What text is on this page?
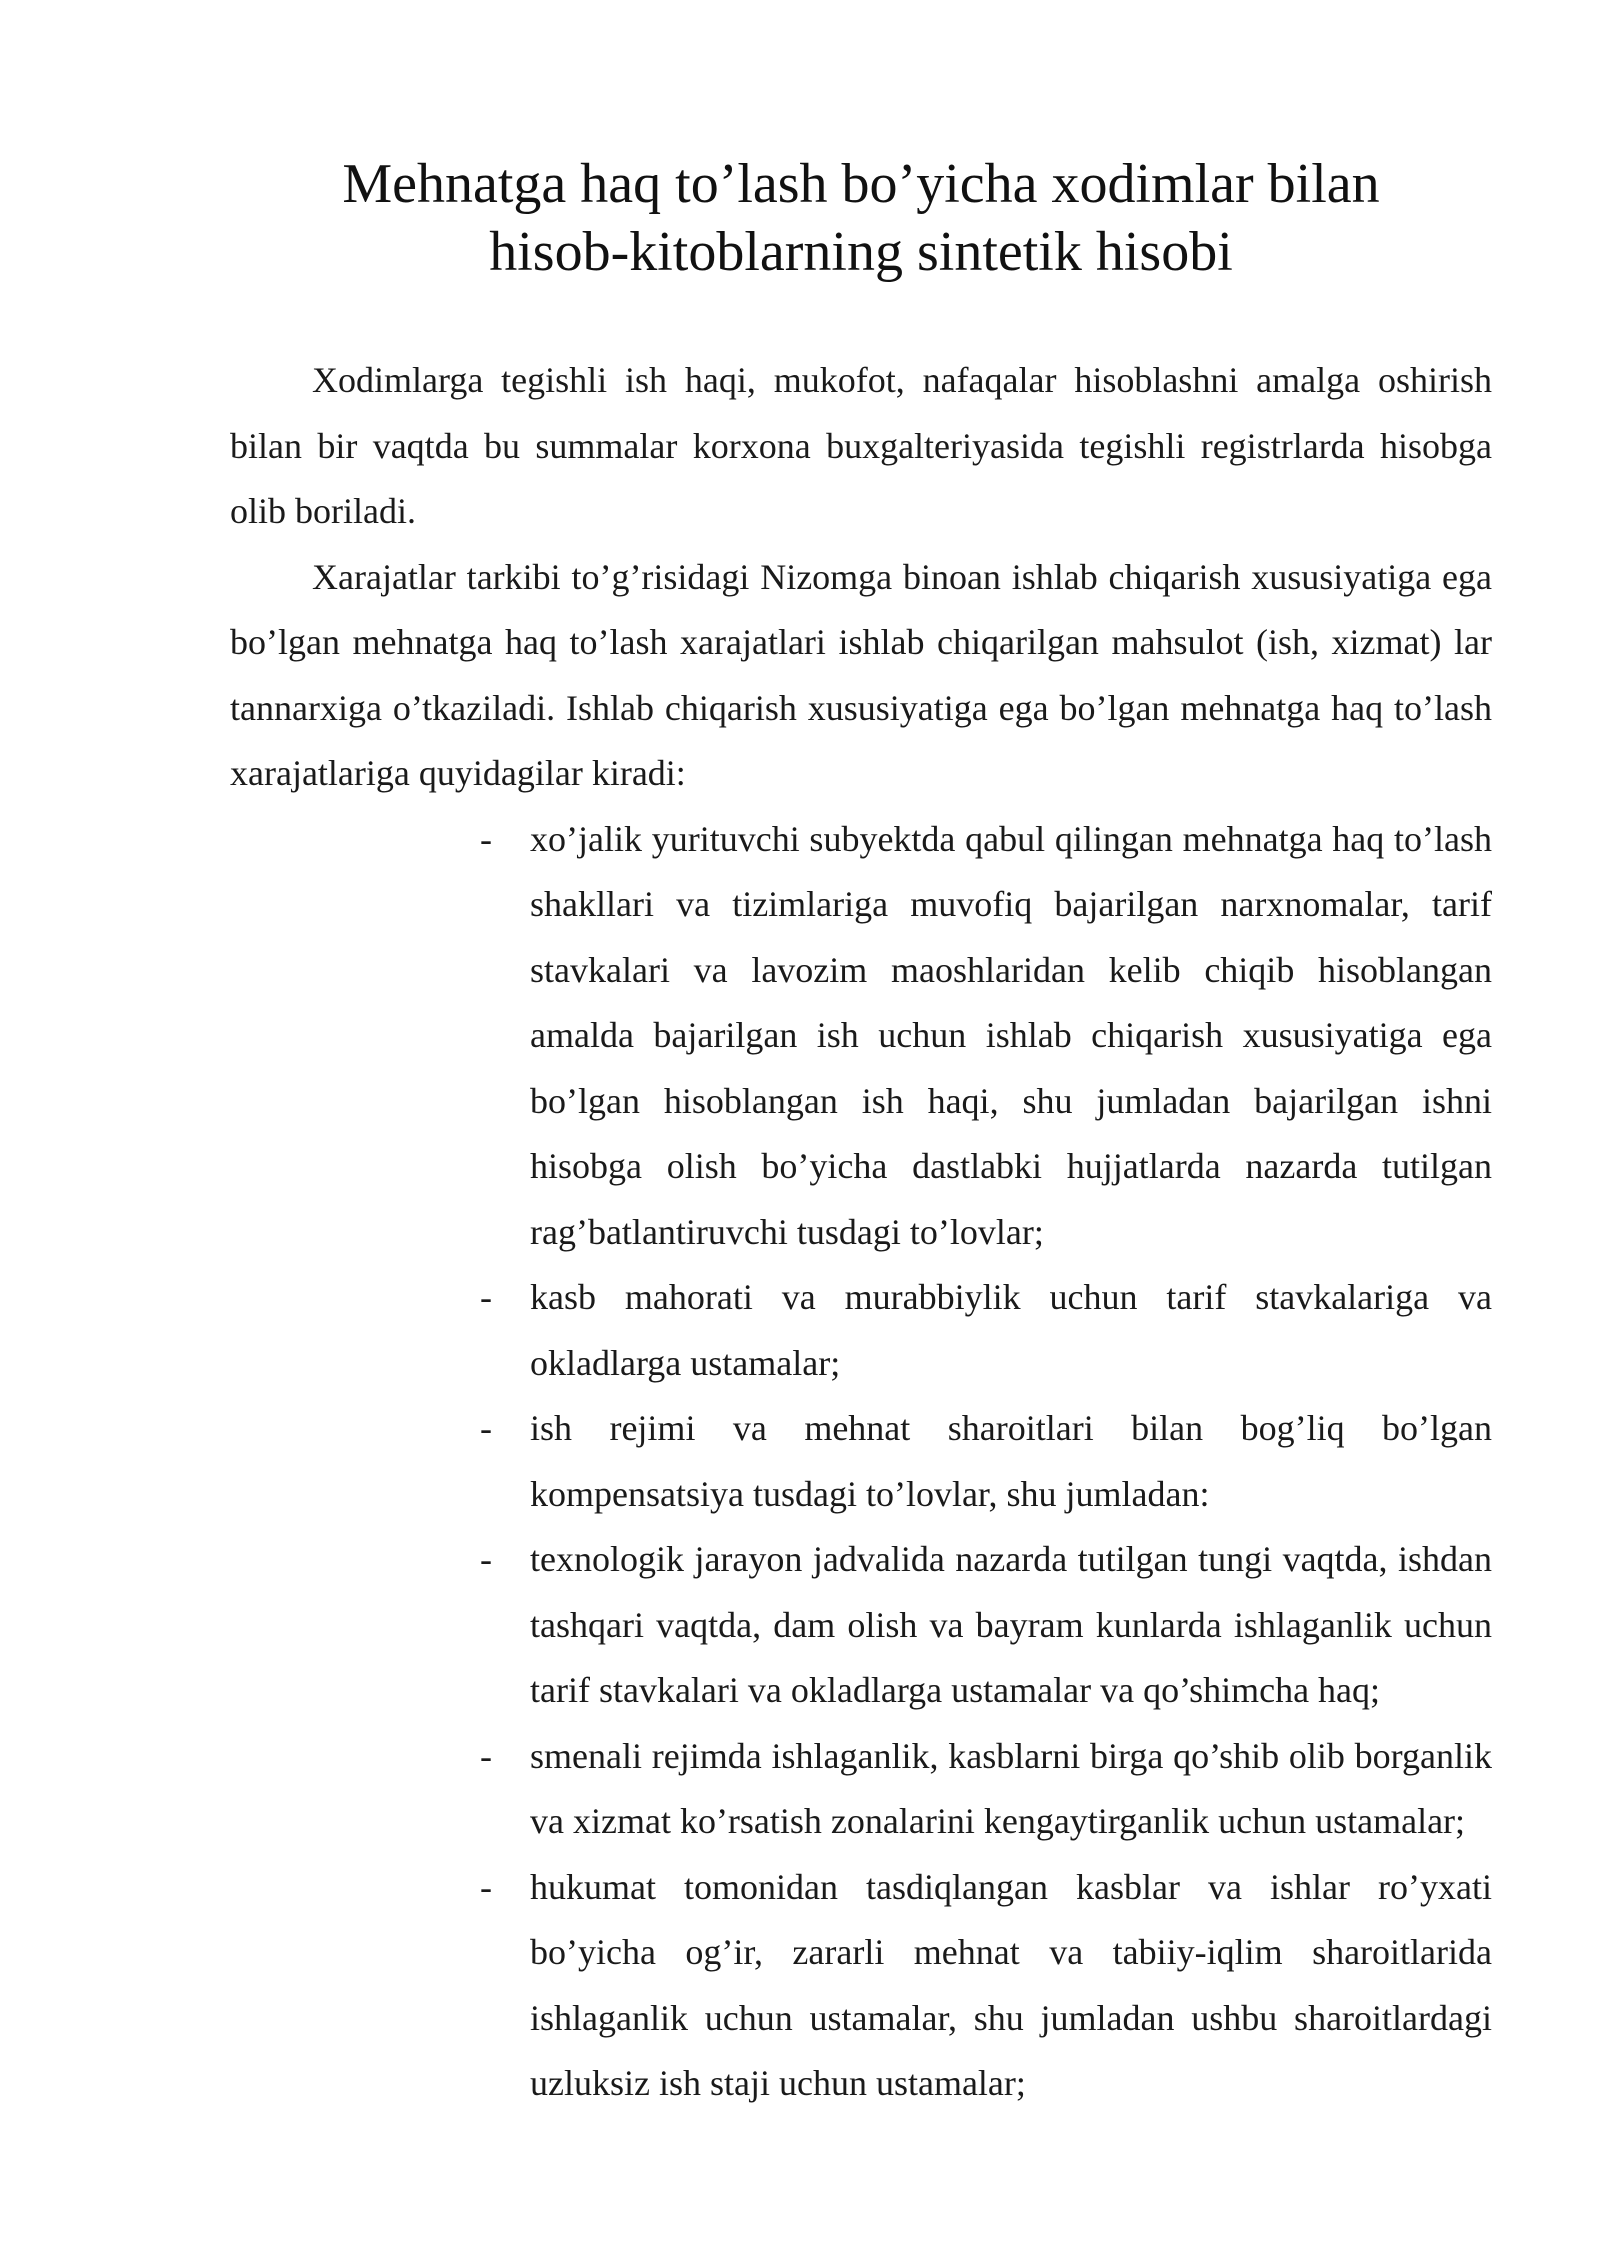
Mehnatga haq to’lash bo’yicha xodimlar bilan
hisob-kitoblarning sintetik hisobi

Xodimlarga tegishli ish haqi, mukofot, nafaqalar hisoblashni amalga oshirish bilan bir vaqtda bu summalar korxona buxgalteriyasida tegishli registrlarda hisobga olib boriladi.

Xarajatlar tarkibi to’g’risidagi Nizomga binoan ishlab chiqarish xususiyatiga ega bo’lgan mehnatga haq to’lash xarajatlari ishlab chiqarilgan mahsulot (ish, xizmat) lar tannarxiga o’tkaziladi. Ishlab chiqarish xususiyatiga ega bo’lgan mehnatga haq to’lash xarajatlariga quyidagilar kiradi:

-	xo’jalik yurituvchi subyektda qabul qilingan mehnatga haq to’lash shakllari va tizimlariga muvofiq bajarilgan narxnomalar, tarif stavkalari va lavozim maoshlaridan kelib chiqib hisoblangan amalda bajarilgan ish uchun ishlab chiqarish xususiyatiga ega bo’lgan hisoblangan ish haqi, shu jumladan bajarilgan ishni hisobga olish bo’yicha dastlabki hujjatlarda nazarda tutilgan rag’batlantiruvchi tusdagi to’lovlar;
-	kasb mahorati va murabbiylik uchun tarif stavkalariga va okladlarga ustamalar;
-	ish rejimi va mehnat sharoitlari bilan bog’liq bo’lgan kompensatsiya tusdagi to’lovlar, shu jumladan:
-	texnologik jarayon jadvalida nazarda tutilgan tungi vaqtda, ishdan tashqari vaqtda, dam olish va bayram kunlarda ishlaganlik uchun tarif stavkalari va okladlarga ustamalar va qo’shimcha haq;
-	smenali rejimda ishlaganlik, kasblarni birga qo’shib olib borganlik va xizmat ko’rsatish zonalarini kengaytirganlik uchun ustamalar;
-	hukumat tomonidan tasdiqlangan kasblar va ishlar ro’yxati bo’yicha og’ir, zararli mehnat va tabiiy-iqlim sharoitlarida ishlaganlik uchun ustamalar, shu jumladan ushbu sharoitlardagi uzluksiz ish staji uchun ustamalar;
